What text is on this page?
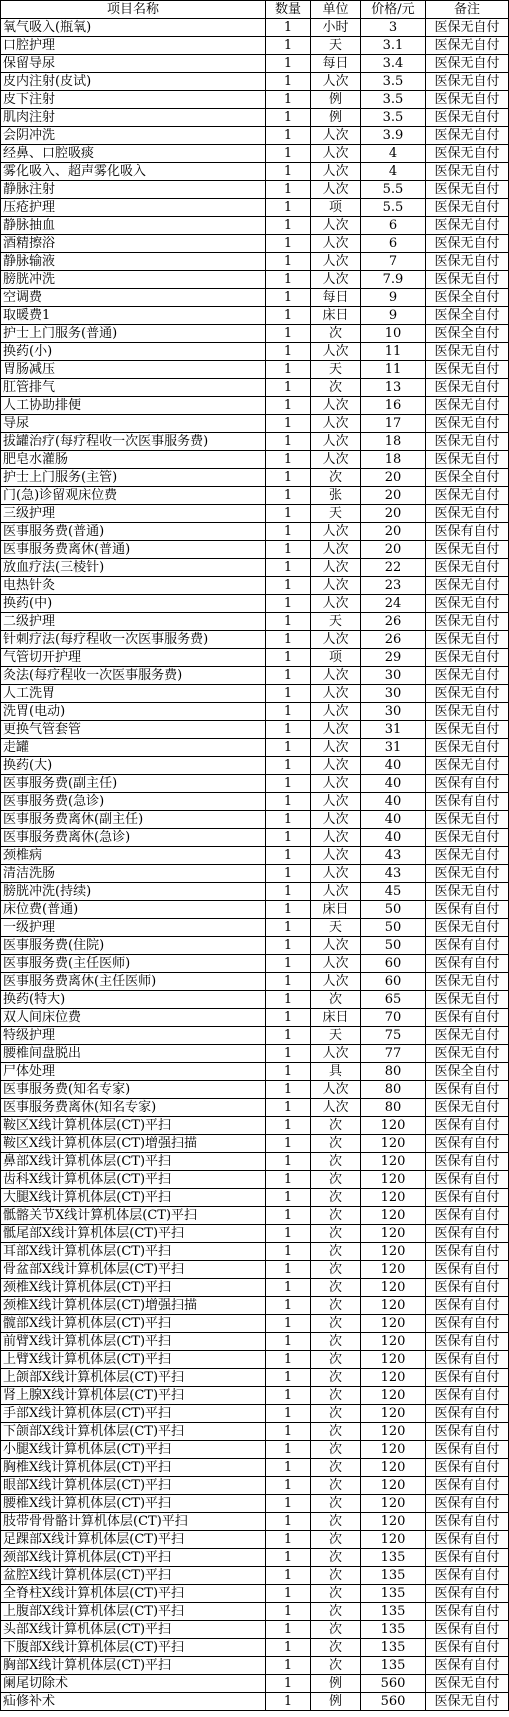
项目名称	数量	单位	价格/元	备注
氧气吸入(瓶氧)	1	小时	3	医保无自付
口腔护理	1	天	3.1	医保无自付
保留导尿	1	每日	3.4	医保无自付
皮内注射(皮试)	1	人次	3.5	医保无自付
皮下注射	1	例	3.5	医保无自付
肌肉注射	1	例	3.5	医保无自付
会阴冲洗	1	人次	3.9	医保无自付
经鼻、口腔吸痰	1	人次	4	医保无自付
雾化吸入、超声雾化吸入	1	人次	4	医保无自付
静脉注射	1	人次	5.5	医保无自付
压疮护理	1	项	5.5	医保无自付
静脉抽血	1	人次	6	医保无自付
酒精擦浴	1	人次	6	医保无自付
静脉输液	1	人次	7	医保无自付
膀胱冲洗	1	人次	7.9	医保无自付
空调费	1	每日	9	医保全自付
取暖费1	1	床日	9	医保全自付
护士上门服务(普通)	1	次	10	医保全自付
换药(小)	1	人次	11	医保无自付
胃肠减压	1	天	11	医保无自付
肛管排气	1	次	13	医保无自付
人工协助排便	1	人次	16	医保无自付
导尿	1	人次	17	医保无自付
拔罐治疗(每疗程收一次医事服务费)	1	人次	18	医保无自付
肥皂水灌肠	1	人次	18	医保无自付
护士上门服务(主管)	1	次	20	医保全自付
门(急)诊留观床位费	1	张	20	医保无自付
三级护理	1	天	20	医保无自付
医事服务费(普通)	1	人次	20	医保有自付
医事服务费离休(普通)	1	人次	20	医保无自付
放血疗法(三棱针)	1	人次	22	医保无自付
电热针灸	1	人次	23	医保无自付
换药(中)	1	人次	24	医保无自付
二级护理	1	天	26	医保无自付
针刺疗法(每疗程收一次医事服务费)	1	人次	26	医保无自付
气管切开护理	1	项	29	医保无自付
灸法(每疗程收一次医事服务费)	1	人次	30	医保无自付
人工洗胃	1	人次	30	医保无自付
洗胃(电动)	1	人次	30	医保无自付
更换气管套管	1	人次	31	医保无自付
走罐	1	人次	31	医保无自付
换药(大)	1	人次	40	医保无自付
医事服务费(副主任)	1	人次	40	医保有自付
医事服务费(急诊)	1	人次	40	医保有自付
医事服务费离休(副主任)	1	人次	40	医保无自付
医事服务费离休(急诊)	1	人次	40	医保无自付
颈椎病	1	人次	43	医保无自付
清洁洗肠	1	人次	43	医保无自付
膀胱冲洗(持续)	1	人次	45	医保无自付
床位费(普通)	1	床日	50	医保有自付
一级护理	1	天	50	医保无自付
医事服务费(住院)	1	人次	50	医保有自付
医事服务费(主任医师)	1	人次	60	医保有自付
医事服务费离休(主任医师)	1	人次	60	医保无自付
换药(特大)	1	次	65	医保无自付
双人间床位费	1	床日	70	医保有自付
特级护理	1	天	75	医保无自付
腰椎间盘脱出	1	人次	77	医保无自付
尸体处理	1	具	80	医保全自付
医事服务费(知名专家)	1	人次	80	医保有自付
医事服务费离休(知名专家)	1	人次	80	医保无自付
鞍区X线计算机体层(CT)平扫	1	次	120	医保有自付
鞍区X线计算机体层(CT)增强扫描	1	次	120	医保有自付
鼻部X线计算机体层(CT)平扫	1	次	120	医保有自付
齿科X线计算机体层(CT)平扫	1	次	120	医保有自付
大腿X线计算机体层(CT)平扫	1	次	120	医保有自付
骶髂关节X线计算机体层(CT)平扫	1	次	120	医保有自付
骶尾部X线计算机体层(CT)平扫	1	次	120	医保有自付
耳部X线计算机体层(CT)平扫	1	次	120	医保有自付
骨盆部X线计算机体层(CT)平扫	1	次	120	医保有自付
颈椎X线计算机体层(CT)平扫	1	次	120	医保有自付
颈椎X线计算机体层(CT)增强扫描	1	次	120	医保有自付
髋部X线计算机体层(CT)平扫	1	次	120	医保有自付
前臂X线计算机体层(CT)平扫	1	次	120	医保有自付
上臂X线计算机体层(CT)平扫	1	次	120	医保有自付
上颌部X线计算机体层(CT)平扫	1	次	120	医保有自付
肾上腺X线计算机体层(CT)平扫	1	次	120	医保有自付
手部X线计算机体层(CT)平扫	1	次	120	医保有自付
下颌部X线计算机体层(CT)平扫	1	次	120	医保有自付
小腿X线计算机体层(CT)平扫	1	次	120	医保有自付
胸椎X线计算机体层(CT)平扫	1	次	120	医保有自付
眼部X线计算机体层(CT)平扫	1	次	120	医保有自付
腰椎X线计算机体层(CT)平扫	1	次	120	医保有自付
肢带骨骨骼计算机体层(CT)平扫	1	次	120	医保有自付
足踝部X线计算机体层(CT)平扫	1	次	120	医保有自付
颈部X线计算机体层(CT)平扫	1	次	135	医保有自付
盆腔X线计算机体层(CT)平扫	1	次	135	医保有自付
全脊柱X线计算机体层(CT)平扫	1	次	135	医保有自付
上腹部X线计算机体层(CT)平扫	1	次	135	医保有自付
头部X线计算机体层(CT)平扫	1	次	135	医保有自付
下腹部X线计算机体层(CT)平扫	1	次	135	医保有自付
胸部X线计算机体层(CT)平扫	1	次	135	医保有自付
阑尾切除术	1	例	560	医保无自付
疝修补术	1	例	560	医保无自付
